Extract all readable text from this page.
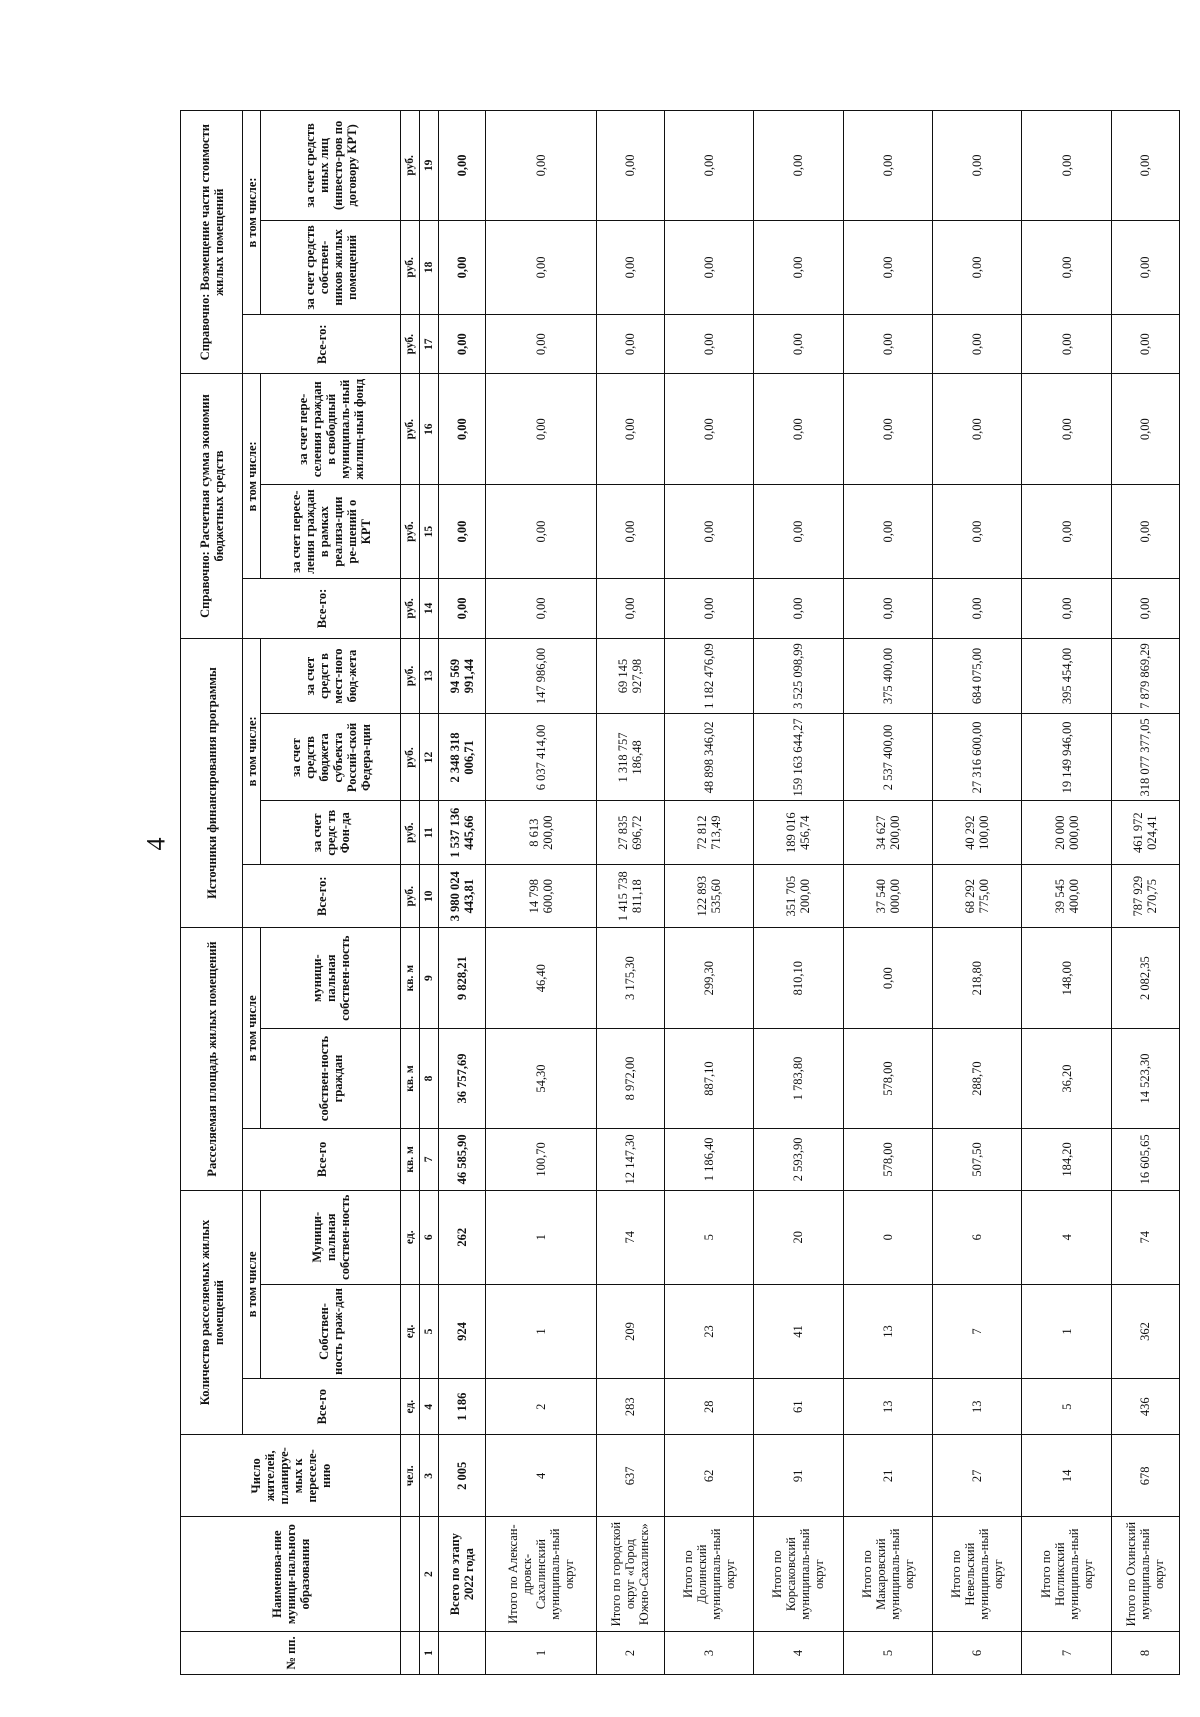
4
№ пп.	Наименова-ние муници-пального образования	Число жителей, планируе-мых к переселе-нию	Количество расселяемых жилых помещений			Расселяемая площадь жилых помещений			Источники финансирования программы				Справочно: Расчетная сумма экономии бюджетных средств			Справочно: Возмещение части стоимости жилых помещений		
			Все-го	в том числе		Все-го	в том числе		Все-го:	в том числе:			Все-го:	в том числе:		Все-го:	в том числе:	
				Собствен-ность граж-дан	Муници-пальная собствен-ность		собствен-ность граждан	муници-пальная собствен-ность		за счет средс тв Фон-да	за счет средств бюджета субъекта Россий-ской Федера-ции	за счет средст в мест-ного бюд-жета		за счет пересе-ления граждан в рамках реализа-ции ре-шений о КРТ	за счет пере-селения граждан в свободный муниципаль-ный жилищ-ный фонд		за счет средств собствен-ников жилых помещений	за счет средств иных лиц (инвесто-ров по договору КРТ)
		чел.	ед.	ед.	ед.	кв. м	кв. м	кв. м	руб.	руб.	руб.	руб.	руб.	руб.	руб.	руб.	руб.	руб.
1	2	3	4	5	6	7	8	9	10	11	12	13	14	15	16	17	18	19
	Всего по этапу 2022 года	2 005	1 186	924	262	46 585,90	36 757,69	9 828,21	3 980 024 443,81	1 537 136 445,66	2 348 318 006,71	94 569 991,44	0,00	0,00	0,00	0,00	0,00	0,00
1	Итого по Алексан-дровск-Сахалинский муниципаль-ный округ	4	2	1	1	100,70	54,30	46,40	14 798 600,00	8 613 200,00	6 037 414,00	147 986,00	0,00	0,00	0,00	0,00	0,00	0,00
2	Итого по городской округ «Город Южно-Сахалинск»	637	283	209	74	12 147,30	8 972,00	3 175,30	1 415 738 811,18	27 835 696,72	1 318 757 186,48	69 145 927,98	0,00	0,00	0,00	0,00	0,00	0,00
3	Итого по Долинский муниципаль-ный округ	62	28	23	5	1 186,40	887,10	299,30	122 893 535,60	72 812 713,49	48 898 346,02	1 182 476,09	0,00	0,00	0,00	0,00	0,00	0,00
4	Итого по Корсаковский муниципаль-ный округ	91	61	41	20	2 593,90	1 783,80	810,10	351 705 200,00	189 016 456,74	159 163 644,27	3 525 098,99	0,00	0,00	0,00	0,00	0,00	0,00
5	Итого по Макаровский муниципаль-ный округ	21	13	13	0	578,00	578,00	0,00	37 540 000,00	34 627 200,00	2 537 400,00	375 400,00	0,00	0,00	0,00	0,00	0,00	0,00
6	Итого по Невельский муниципаль-ный округ	27	13	7	6	507,50	288,70	218,80	68 292 775,00	40 292 100,00	27 316 600,00	684 075,00	0,00	0,00	0,00	0,00	0,00	0,00
7	Итого по Ногликский муниципаль-ный округ	14	5	1	4	184,20	36,20	148,00	39 545 400,00	20 000 000,00	19 149 946,00	395 454,00	0,00	0,00	0,00	0,00	0,00	0,00
8	Итого по Охинский муниципаль-ный округ	678	436	362	74	16 605,65	14 523,30	2 082,35	787 929 270,75	461 972 024,41	318 077 377,05	7 879 869,29	0,00	0,00	0,00	0,00	0,00	0,00
